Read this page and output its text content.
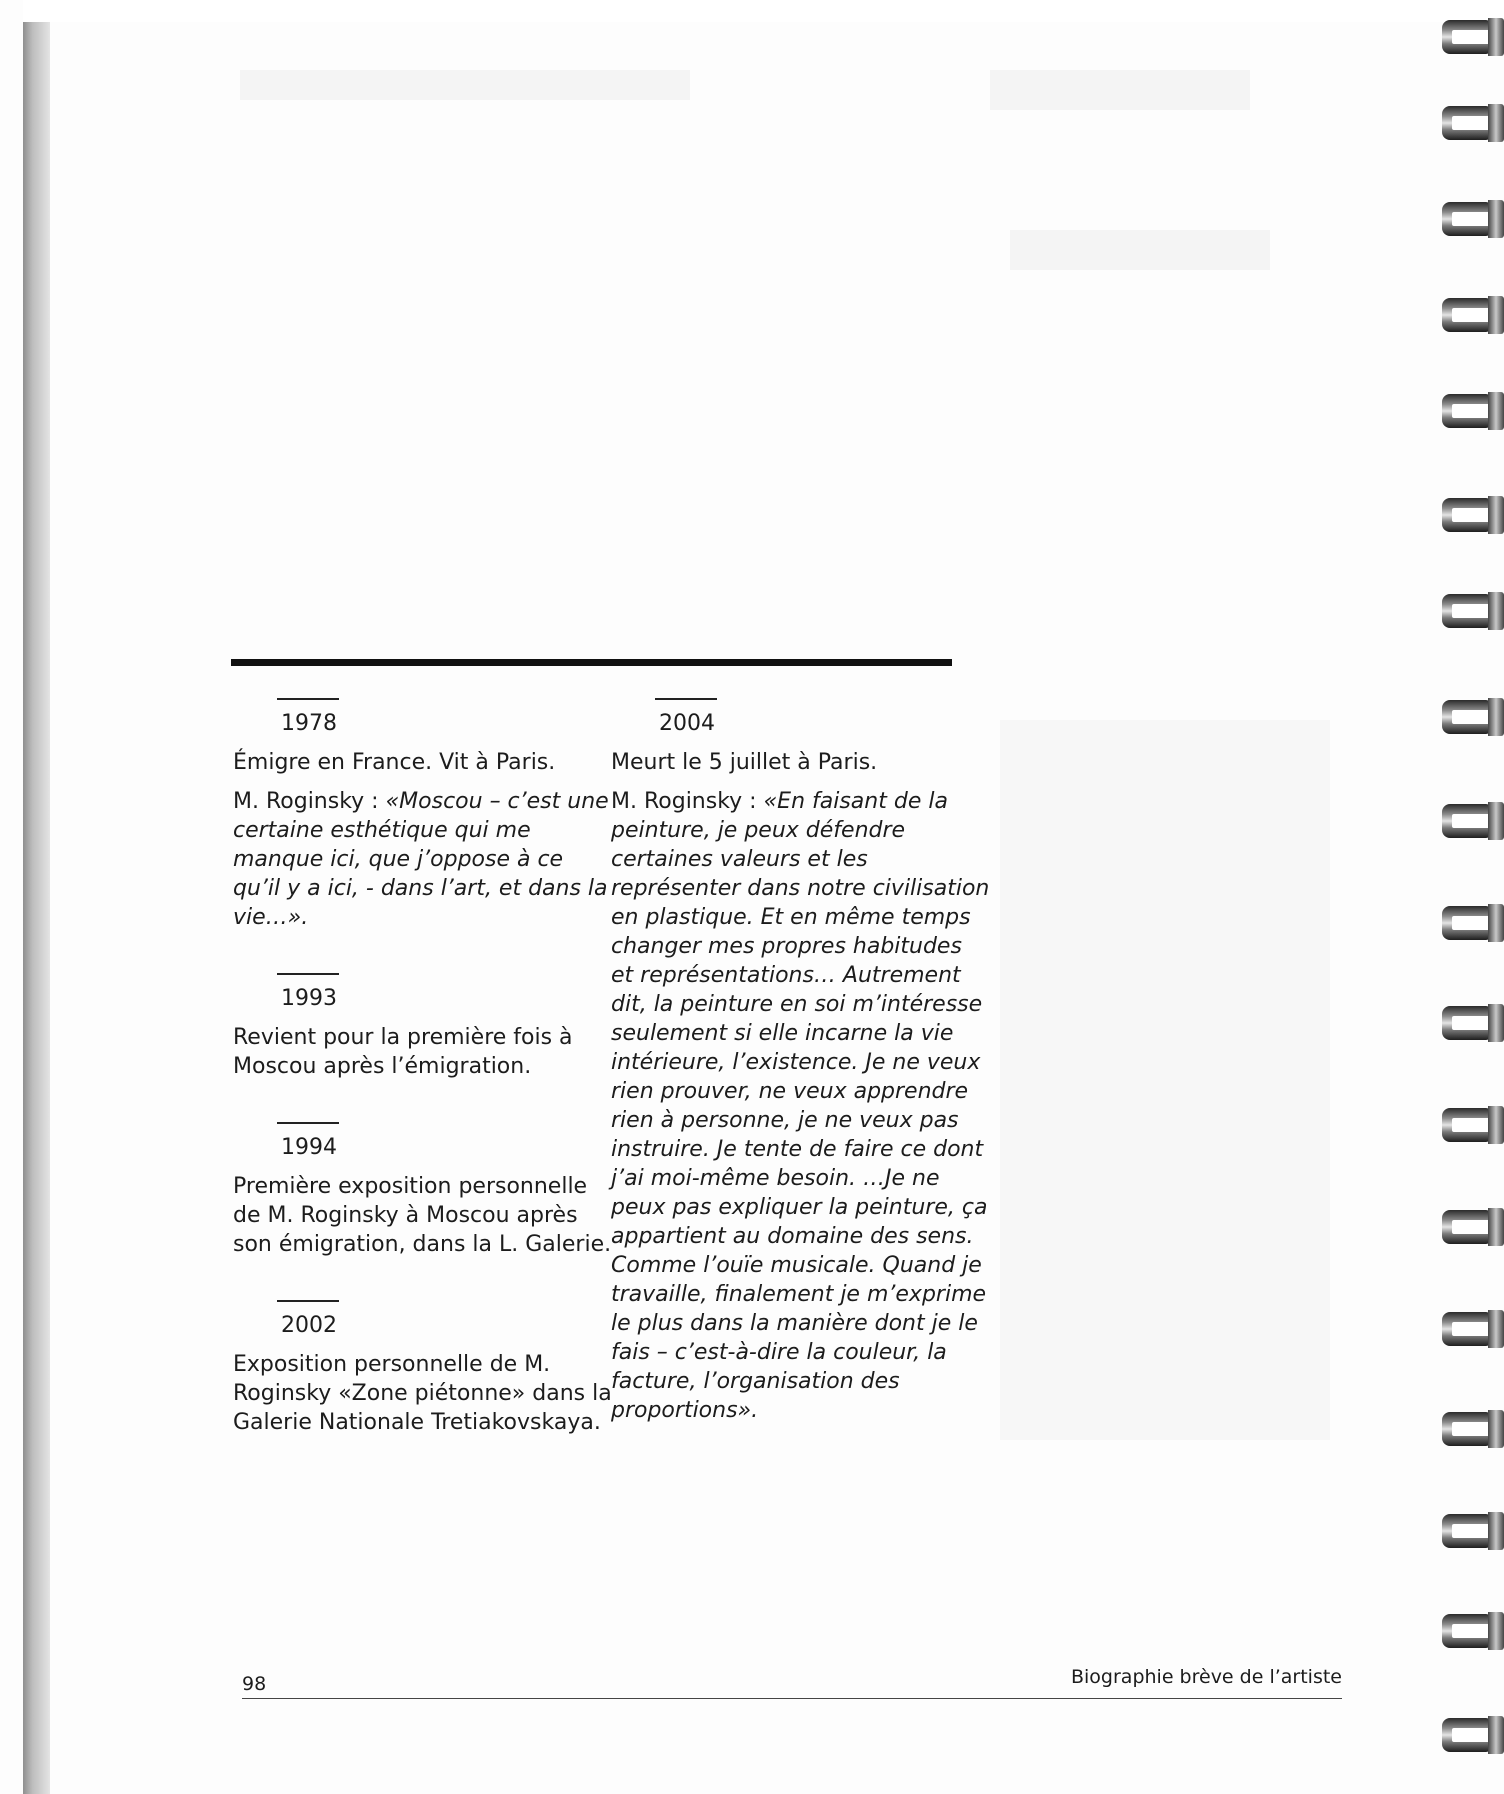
1978
Émigre en France. Vit à Paris.

M. Roginsky : «Moscou – c’est une certaine esthétique qui me manque ici, que j’oppose à ce qu’il y a ici, - dans l’art, et dans la vie…».

1993
Revient pour la première fois à Moscou après l’émigration.
1994
Première exposition personnelle de M. Roginsky à Moscou après son émigration, dans la L. Galerie.
2002
Exposition personnelle de M. Roginsky «Zone piétonne» dans la Galerie Nationale Tretiakovskaya.
2004
Meurt le 5 juillet à Paris.

M. Roginsky : «En faisant de la peinture, je peux défendre certaines valeurs et les représenter dans notre civilisation en plastique. Et en même temps changer mes propres habitudes et représentations… Autrement dit, la peinture en soi m’intéresse seulement si elle incarne la vie intérieure, l’existence. Je ne veux rien prouver, ne veux apprendre rien à personne, je ne veux pas instruire. Je tente de faire ce dont j’ai moi-même besoin. …Je ne peux pas expliquer la peinture, ça appartient au domaine des sens. Comme l’ouïe musicale. Quand je travaille, finalement je m’exprime le plus dans la manière dont je le fais – c’est-à-dire la couleur, la facture, l’organisation des proportions».

98	Biographie brève de l’artiste
